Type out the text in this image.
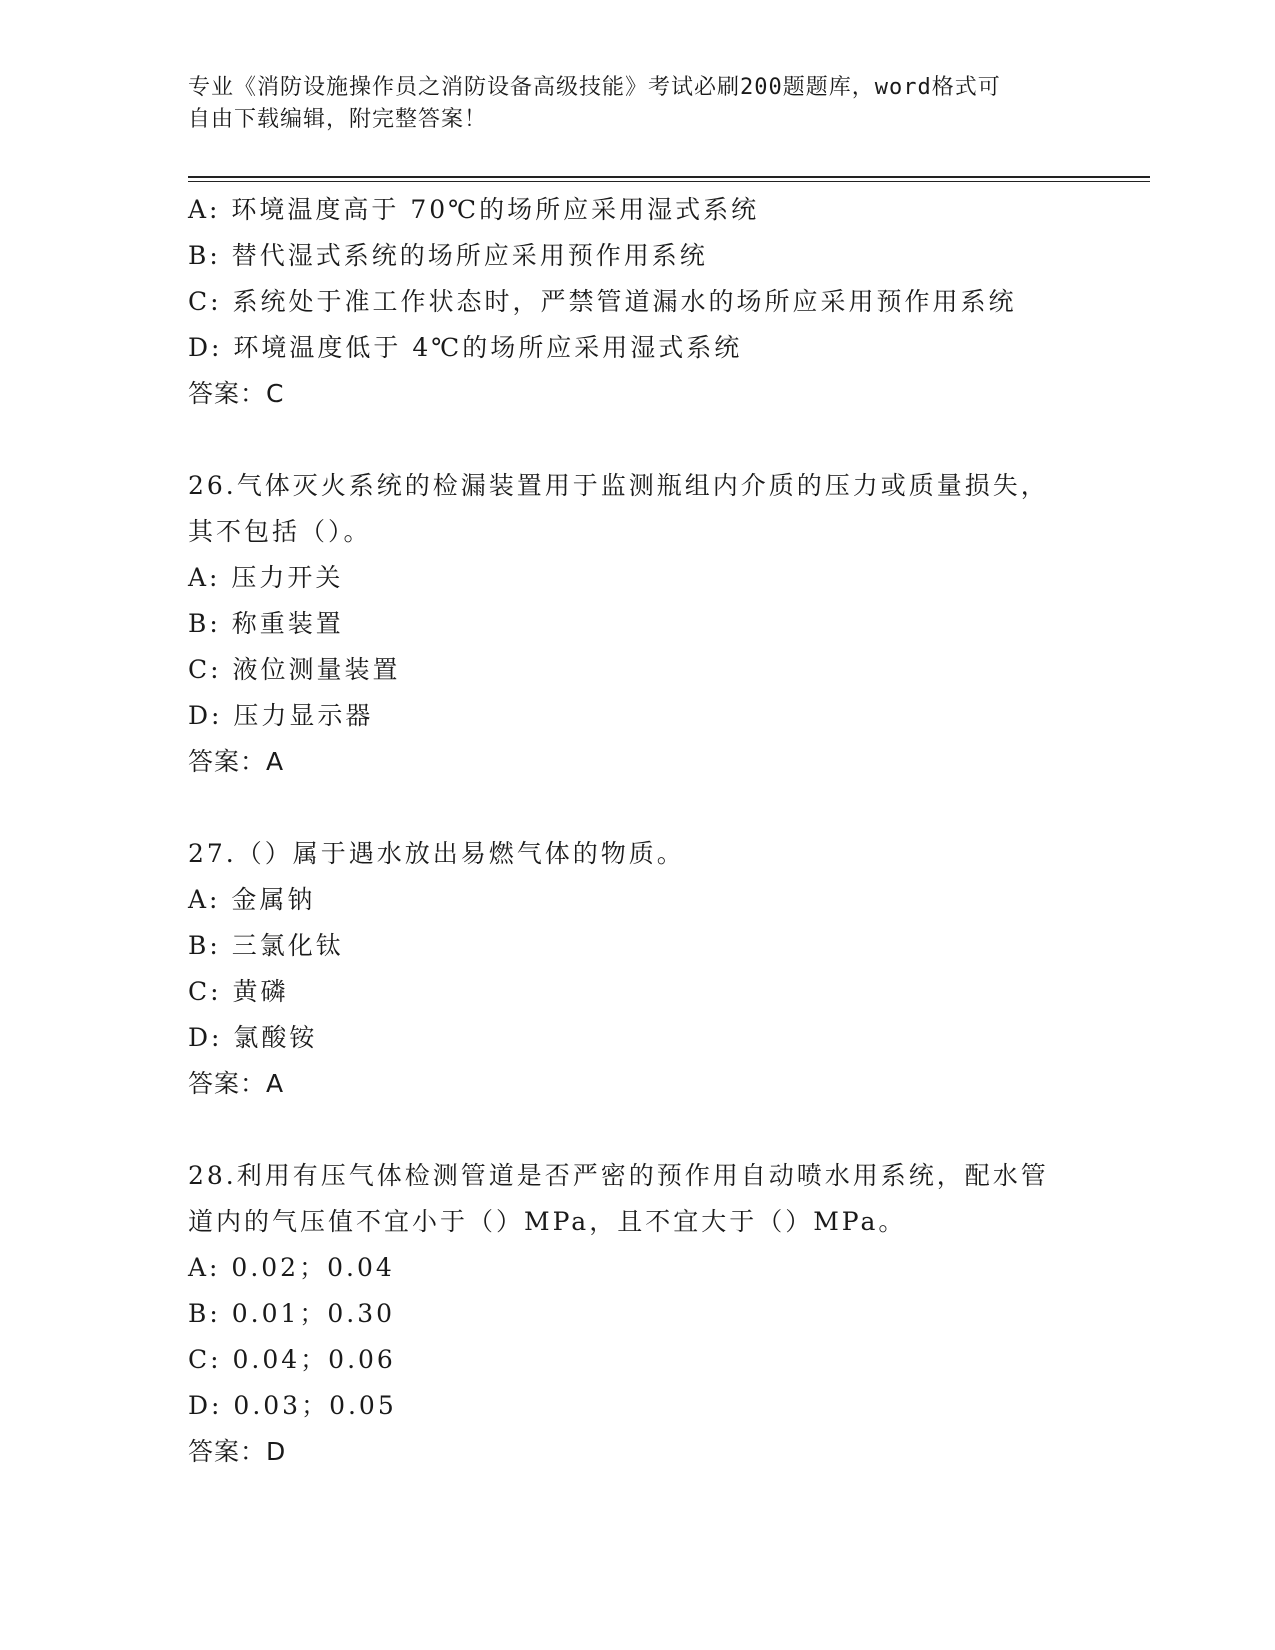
专业《消防设施操作员之消防设备高级技能》考试必刷200题题库，word格式可
自由下载编辑，附完整答案！
A: 环境温度高于 70℃的场所应采用湿式系统
B: 替代湿式系统的场所应采用预作用系统
C: 系统处于准工作状态时，严禁管道漏水的场所应采用预作用系统
D: 环境温度低于 4℃的场所应采用湿式系统
答案：C
26.气体灭火系统的检漏装置用于监测瓶组内介质的压力或质量损失，
其不包括（）。
A: 压力开关
B: 称重装置
C: 液位测量装置
D: 压力显示器
答案：A
27.（）属于遇水放出易燃气体的物质。
A: 金属钠
B: 三氯化钛
C: 黄磷
D: 氯酸铵
答案：A
28.利用有压气体检测管道是否严密的预作用自动喷水用系统，配水管
道内的气压值不宜小于（）MPa，且不宜大于（）MPa。
A: 0.02；0.04
B: 0.01；0.30
C: 0.04；0.06
D: 0.03；0.05
答案：D
